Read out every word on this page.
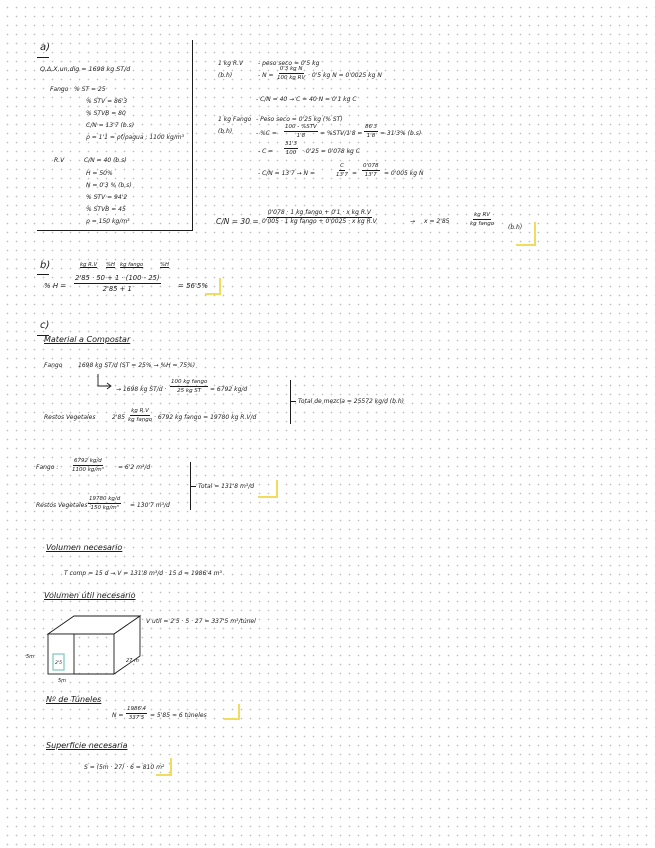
a)
Q,Δ,X,un,dig = 1698 kg ST/d
Fango % ST = 25
% STV = 86'3
% STVB = 80
C/N = 13'7 (b.s)
ρ = 1'1 = ρf/ρagua ; 1100 kg/m³
R.V	C/N = 40 (b.s)
H = 50%
N = 0'3 % (b.s)
% STV = 94'2
% STVB = 45
ρ = 150 kg/m³
1 kg R.V
(b.h)
- peso seco = 0'5 kg
- $N = \frac{\text{0'3 kg N}}{\text{100 kg RV}} \cdot 0'5$ kg N = 0'0025 kg N
- C/N = 40 → C = 40·N = 0'1 kg C
1 kg Fango
(b.h)
- Peso seco = 0'25 kg (% ST)
- %C =
100 - %STV
$1'8 = \%STV/1'8 = \frac{86'3}{1'8} = 31'3\%$ (b.s)
- $C = \frac{31'3}{100} \cdot 0'25 = 0'078$ kg C
- C/N = 13'7 → N =	$\frac{C}{13'7} = \frac{0'078}{13'7} = 0'005$ kg N
C/N = 30 =
0'078 · 1 kg fango + 0'1 · x kg R.V
0'005 · 1 kg fango + 0'0025 · x kg R.V	→ x = 2'85
kg RV
kg fango (b.h)
b)	kg R.V %H kg fango	%H
% $H = \frac{2'85 \cdot 50 + 1 \cdot (100 - 25)}{2'85 + 1}$	= 56'5%
c)
Material a Compostar
Fango	1698 kg ST/d (ST = 25% → %H = 75%)
→ 1698 kg ST/d ·
100 kg fango
25 kg ST = 6792 kg/d
Restos Vegetales	2'85
kg R.V
kg fango · 6792 kg fango = 19780 kg R.V/d
Total de mezcla = 25572 kg/d (b.h)
Fango : $\frac{6792 kg/d}{\text{1100 kg/m³}} = 6'2$ m³/d
Restos Vegetales :
$\frac{19780 kg/d}{\text{150 kg/m³}} = 130'7$ m³/d
Total = 131'8 m³/d
Volumen necesario
T comp = 15 d → V = 131'8 m³/d · 15 d = 1986'4 m³
Volumen útil necesario
V util = 2'5 · 5 · 27 = 337'5 m³/túnel
5m
2'5	27 m
5m
Nº de Túneles
$N = \frac{1986'4}{337'5} = 5'85 \approx 6$ túneles
Superficie necesaria
S = (5m · 27) · 6 = 810 m²
